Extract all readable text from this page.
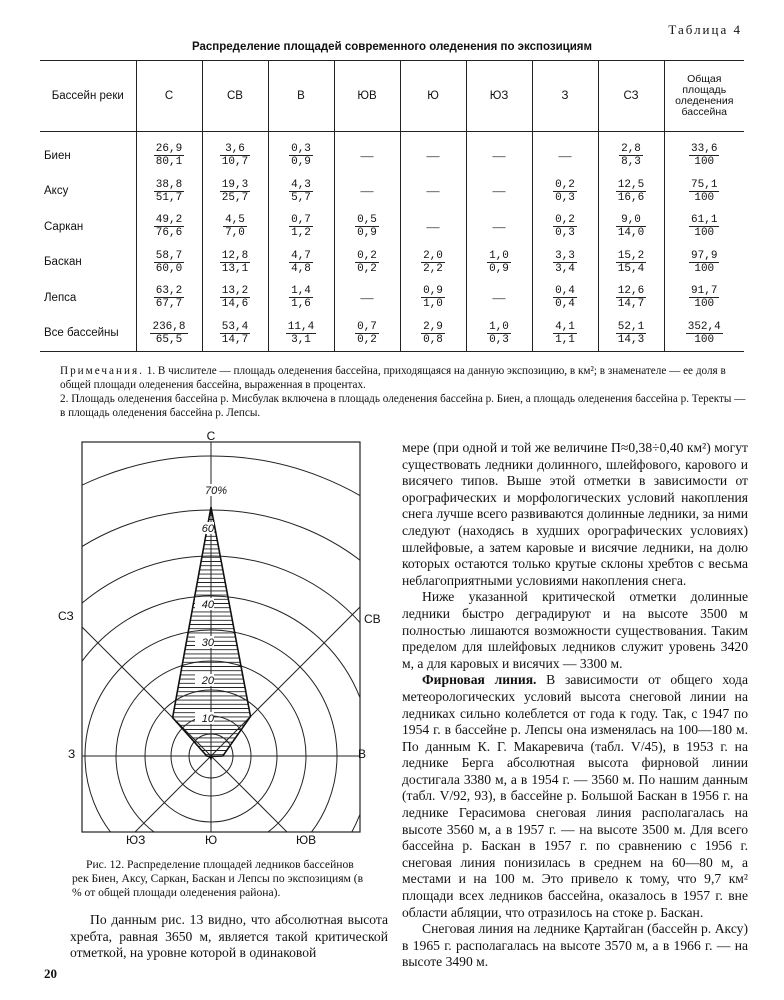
Таблица 4
Распределение площадей современного оледенения по экспозициям
Бассейн реки	С	СВ	В	ЮВ	Ю	ЮЗ	З	СЗ	Общая площадь оледенения бассейна
Биен	$\frac{26,9}{80,1}$	$\frac{3,6}{10,7}$	$\frac{0,3}{0,9}$	—	—	—	—	$\frac{2,8}{8,3}$	$\frac{33,6}{100}$

Аксу	$\frac{38,8}{51,7}$	$\frac{19,3}{25,7}$	$\frac{4,3}{5,7}$	—	—	—	$\frac{0,2}{0,3}$	$\frac{12,5}{16,6}$	$\frac{75,1}{100}$

Саркан	$\frac{49,2}{76,6}$	$\frac{4,5}{7,0}$	$\frac{0,7}{1,2}$	$\frac{0,5}{0,9}$	—	—	$\frac{0,2}{0,3}$	$\frac{9,0}{14,0}$	$\frac{61,1}{100}$

Баскан	$\frac{58,7}{60,0}$	$\frac{12,8}{13,1}$	$\frac{4,7}{4,8}$	$\frac{0,2}{0,2}$	$\frac{2,0}{2,2}$	$\frac{1,0}{0,9}$	$\frac{3,3}{3,4}$	$\frac{15,2}{15,4}$	$\frac{97,9}{100}$

Лепса	$\frac{63,2}{67,7}$	$\frac{13,2}{14,6}$	$\frac{1,4}{1,6}$	—	$\frac{0,9}{1,0}$	—	$\frac{0,4}{0,4}$	$\frac{12,6}{14,7}$	$\frac{91,7}{100}$

Все бассейны	$\frac{236,8}{65,5}$	$\frac{53,4}{14,7}$	$\frac{11,4}{3,1}$	$\frac{0,7}{0,2}$	$\frac{2,9}{0,8}$	$\frac{1,0}{0,3}$	$\frac{4,1}{1,1}$	$\frac{52,1}{14,3}$	$\frac{352,4}{100}$
Примечания. 1. В числителе — площадь оледенения бассейна, приходящаяся на данную экспозицию, в км²; в знаменателе — ее доля в общей площади оледенения бассейна, выраженная в процентах.
2. Площадь оледенения бассейна р. Мисбулак включена в площадь оледенения бассейна р. Биен, а площадь оледенения бассейна р. Теректы — в площадь оледенения бассейна р. Лепсы.
10
20
30
40
60
70%
С
СВ
В
ЮВ
Ю
ЮЗ
З
СЗ
Рис. 12. Распределение площадей ледников бассейнов рек Биен, Аксу, Саркан, Баскан и Лепсы по экспозициям (в % от общей площади оледенения района).

мере (при одной и той же величине П≈0,38÷0,40 км²) могут существовать ледники долинного, шлейфового, карового и висячего типов. Выше этой отметки в зависимости от орографических и морфологических условий накопления снега лучше всего развиваются долинные ледники, за ними следуют (находясь в худших орографических условиях) шлейфовые, а затем каровые и висячие ледники, на долю которых остаются только крутые склоны хребтов с весьма неблагоприятными условиями накопления снега.

Ниже указанной критической отметки долинные ледники быстро деградируют и на высоте 3500 м полностью лишаются возможности существования. Таким пределом для шлейфовых ледников служит уровень 3420 м, а для каровых и висячих — 3300 м.

Фирновая линия. В зависимости от общего хода метеорологических условий высота снеговой линии на ледниках сильно колеблется от года к году. Так, с 1947 по 1954 г. в бассейне р. Лепсы она изменялась на 100—180 м. По данным К. Г. Макаревича (табл. V/45), в 1953 г. на леднике Берга абсолютная высота фирновой линии достигала 3380 м, а в 1954 г. — 3560 м. По нашим данным (табл. V/92, 93), в бассейне р. Большой Баскан в 1956 г. на леднике Герасимова снеговая линия располагалась на высоте 3560 м, а в 1957 г. — на высоте 3500 м. Для всего бассейна р. Баскан в 1957 г. по сравнению с 1956 г. снеговая линия понизилась в среднем на 60—80 м, а местами и на 100 м. Это привело к тому, что 9,7 км² площади всех ледников бассейна, оказалось в 1957 г. вне области абляции, что отразилось на стоке р. Баскан.

Снеговая линия на леднике Қартайган (бассейн р. Аксу) в 1965 г. располагалась на высоте 3570 м, а в 1966 г. — на высоте 3490 м.

По данным рис. 13 видно, что абсолютная высота хребта, равная 3650 м, является такой критической отметкой, на уровне которой в одинаковой

20
